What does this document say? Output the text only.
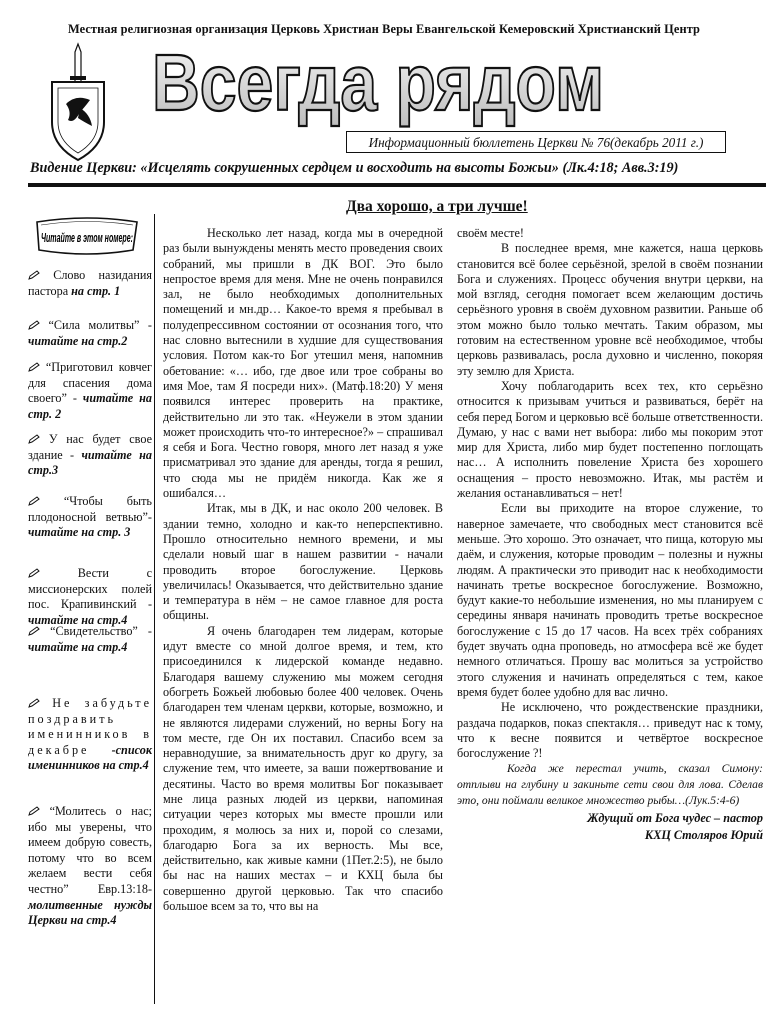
Местная религиозная организация Церковь Христиан Веры Евангельской Кемеровский Христианский Центр
Всегда рядом
Информационный бюллетень Церкви № 76(декабрь 2011 г.)
Видение Церкви: «Исцелять сокрушенных сердцем и восходить на высоты Божьи» (Лк.4:18; Авв.3:19)
Два хорошо, а три лучше!
Читайте в этом номере:
Слово назидания пастора на стр. 1
“Сила молитвы” - читайте на стр.2
“Приготовил ковчег для спасения дома своего” - читайте на стр. 2
У нас будет свое здание - читайте на стр.3
“Чтобы быть плодоносной ветвью”- читайте на стр. 3
Вести с миссионерских полей пос. Крапивинский - читайте на стр.4
“Свидетельство” - читайте на стр.4
Не забудьте поздравить именинников в декабре -список именинников на стр.4
“Молитесь о нас; ибо мы уверены, что имеем добрую совесть, потому что во всем желаем вести себя честно” Евр.13:18- молитвенные нужды Церкви на стр.4

Несколько лет назад, когда мы в очередной раз были вынуждены менять место проведения своих собраний, мы пришли в ДК ВОГ. Это было непростое время для меня. Мне не очень понравился зал, не было необходимых дополнительных помещений и мн.др… Какое-то время я пребывал в полудепрессивном состоянии от осознания того, что нас словно вытеснили в худшие для существования условия. Потом как-то Бог утешил меня, напомнив обетование: «… ибо, где двое или трое собраны во имя Мое, там Я посреди них». (Матф.18:20) У меня появился интерес проверить на практике, действительно ли это так. «Неужели в этом здании может происходить что-то интересное?» – спрашивал я себя и Бога. Честно говоря, много лет назад я уже присматривал это здание для аренды, тогда я решил, что сюда мы не придём никогда. Как же я ошибался…

Итак, мы в ДК, и нас около 200 человек. В здании темно, холодно и как-то неперспективно. Прошло относительно немного времени, и мы сделали новый шаг в нашем развитии - начали проводить второе богослужение. Церковь увеличилась! Оказывается, что действительно здание и температура в нём – не самое главное для роста общины.

Я очень благодарен тем лидерам, которые идут вместе со мной долгое время, и тем, кто присоединился к лидерской команде недавно. Благодаря вашему служению мы можем сегодня обогреть Божьей любовью более 400 человек. Очень благодарен тем членам церкви, которые, возможно, и не являются лидерами служений, но верны Богу на том месте, где Он их поставил. Спасибо всем за неравнодушие, за внимательность друг ко другу, за служение тем, что имеете, за ваши пожертвование и десятины. Часто во время молитвы Бог показывает мне лица разных людей из церкви, напоминая ситуации через которых мы вместе прошли или проходим, я молюсь за них и, порой со слезами, благодарю Бога за их верность. Мы все, действительно, как живые камни (1Пет.2:5), не было бы нас на наших местах – и КХЦ была бы совершенно другой церковью. Так что спасибо большое всем за то, что вы на

своём месте!

В последнее время, мне кажется, наша церковь становится всё более серьёзной, зрелой в своём познании Бога и служениях. Процесс обучения внутри церкви, на мой взгляд, сегодня помогает всем желающим достичь серьёзного уровня в своём духовном развитии. Раньше об этом можно было только мечтать. Таким образом, мы готовим на естественном уровне всё необходимое, чтобы церковь развивалась, росла духовно и численно, покоряя эту землю для Христа.

Хочу поблагодарить всех тех, кто серьёзно относится к призывам учиться и развиваться, берёт на себя перед Богом и церковью всё больше ответственности. Думаю, у нас с вами нет выбора: либо мы покорим этот мир для Христа, либо мир будет постепенно поглощать нас… А исполнить повеление Христа без хорошего оснащения – просто невозможно. Итак, мы растём и желания останавливаться – нет!

Если вы приходите на второе служение, то наверное замечаете, что свободных мест становится всё меньше. Это хорошо. Это означает, что пища, которую мы даём, и служения, которые проводим – полезны и нужны людям. А практически это приводит нас к необходимости начинать третье воскресное богослужение. Возможно, будут какие-то небольшие изменения, но мы планируем с середины января начинать проводить третье воскресное богослужение с 15 до 17 часов. На всех трёх собраниях будет звучать одна проповедь, но атмосфера всё же будет немного отличаться. Прошу вас молиться за устройство этого служения и начинать определяться с тем, какое время будет более удобно для вас лично.

Не исключено, что рождественские праздники, раздача подарков, показ спектакля… приведут нас к тому, что к весне появится и четвёртое воскресное богослужение ?!

Когда же перестал учить, сказал Симону: отплыви на глубину и закиньте сети свои для лова. Сделав это, они поймали великое множество рыбы…(Лук.5:4-6)

Ждущий от Бога чудес – пастор

КХЦ Столяров Юрий
